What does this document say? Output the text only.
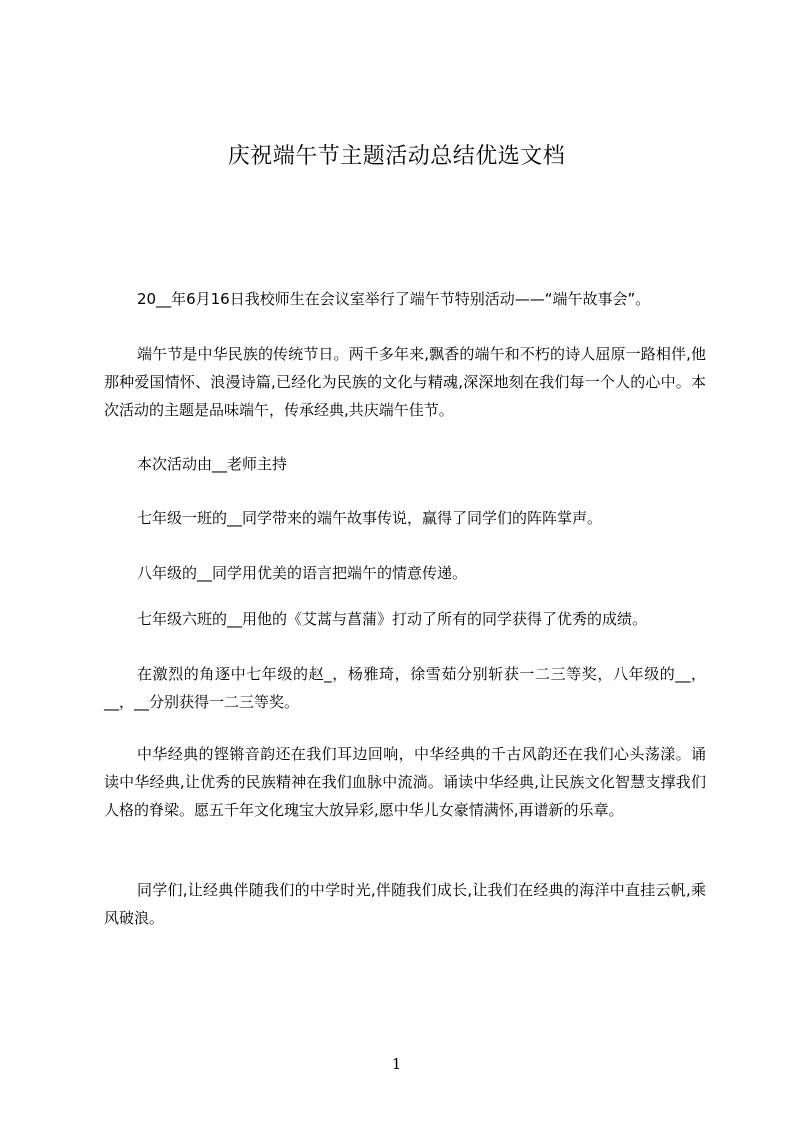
庆祝端午节主题活动总结优选文档

20__年6月16日我校师生在会议室举行了端午节特别活动——“端午故事会”。

端午节是中华民族的传统节日。两千多年来,飘香的端午和不朽的诗人屈原一路相伴,他那种爱国情怀、浪漫诗篇,已经化为民族的文化与精魂,深深地刻在我们每一个人的心中。本次活动的主题是品味端午，传承经典,共庆端午佳节。

本次活动由__老师主持

七年级一班的__同学带来的端午故事传说，赢得了同学们的阵阵掌声。

八年级的__同学用优美的语言把端午的情意传递。

七年级六班的__用他的《艾蒿与菖蒲》打动了所有的同学获得了优秀的成绩。

在激烈的角逐中七年级的赵_，杨雅琦，徐雪茹分别斩获一二三等奖，八年级的__，__，__分别获得一二三等奖。

中华经典的铿锵音韵还在我们耳边回响，中华经典的千古风韵还在我们心头荡漾。诵读中华经典,让优秀的民族精神在我们血脉中流淌。诵读中华经典,让民族文化智慧支撑我们人格的脊梁。愿五千年文化瑰宝大放异彩,愿中华儿女豪情满怀,再谱新的乐章。

同学们,让经典伴随我们的中学时光,伴随我们成长,让我们在经典的海洋中直挂云帆,乘风破浪。

1
